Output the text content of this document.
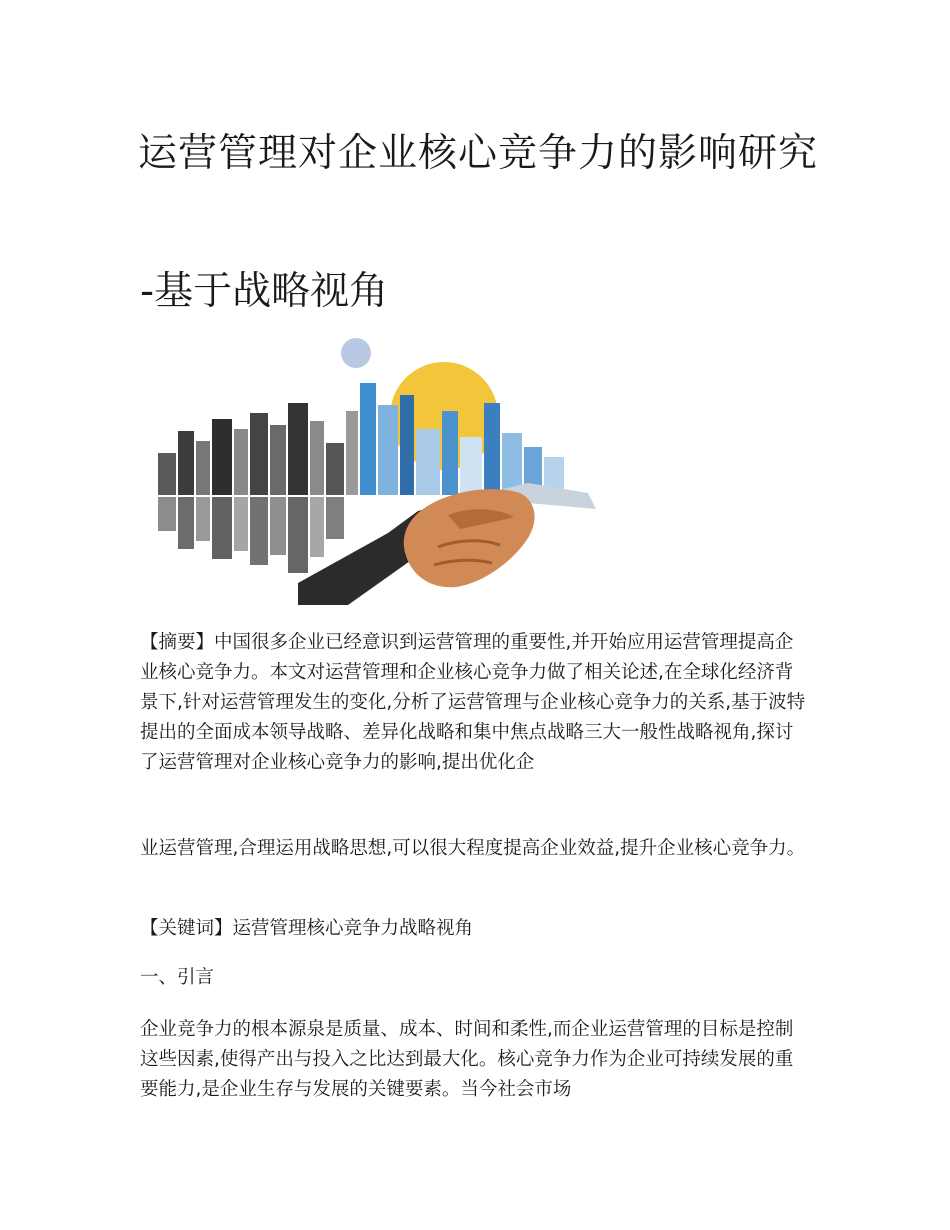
运营管理对企业核心竞争力的影响研究
-基于战略视角

【摘要】中国很多企业已经意识到运营管理的重要性,并开始应用运营管理提高企业核心竞争力。本文对运营管理和企业核心竞争力做了相关论述,在全球化经济背景下,针对运营管理发生的变化,分析了运营管理与企业核心竞争力的关系,基于波特提出的全面成本领导战略、差异化战略和集中焦点战略三大一般性战略视角,探讨了运营管理对企业核心竞争力的影响,提出优化企

业运营管理,合理运用战略思想,可以很大程度提高企业效益,提升企业核心竞争力。

【关键词】运营管理核心竞争力战略视角

一、引言

企业竞争力的根本源泉是质量、成本、时间和柔性,而企业运营管理的目标是控制这些因素,使得产出与投入之比达到最大化。核心竞争力作为企业可持续发展的重要能力,是企业生存与发展的关键要素。当今社会市场
